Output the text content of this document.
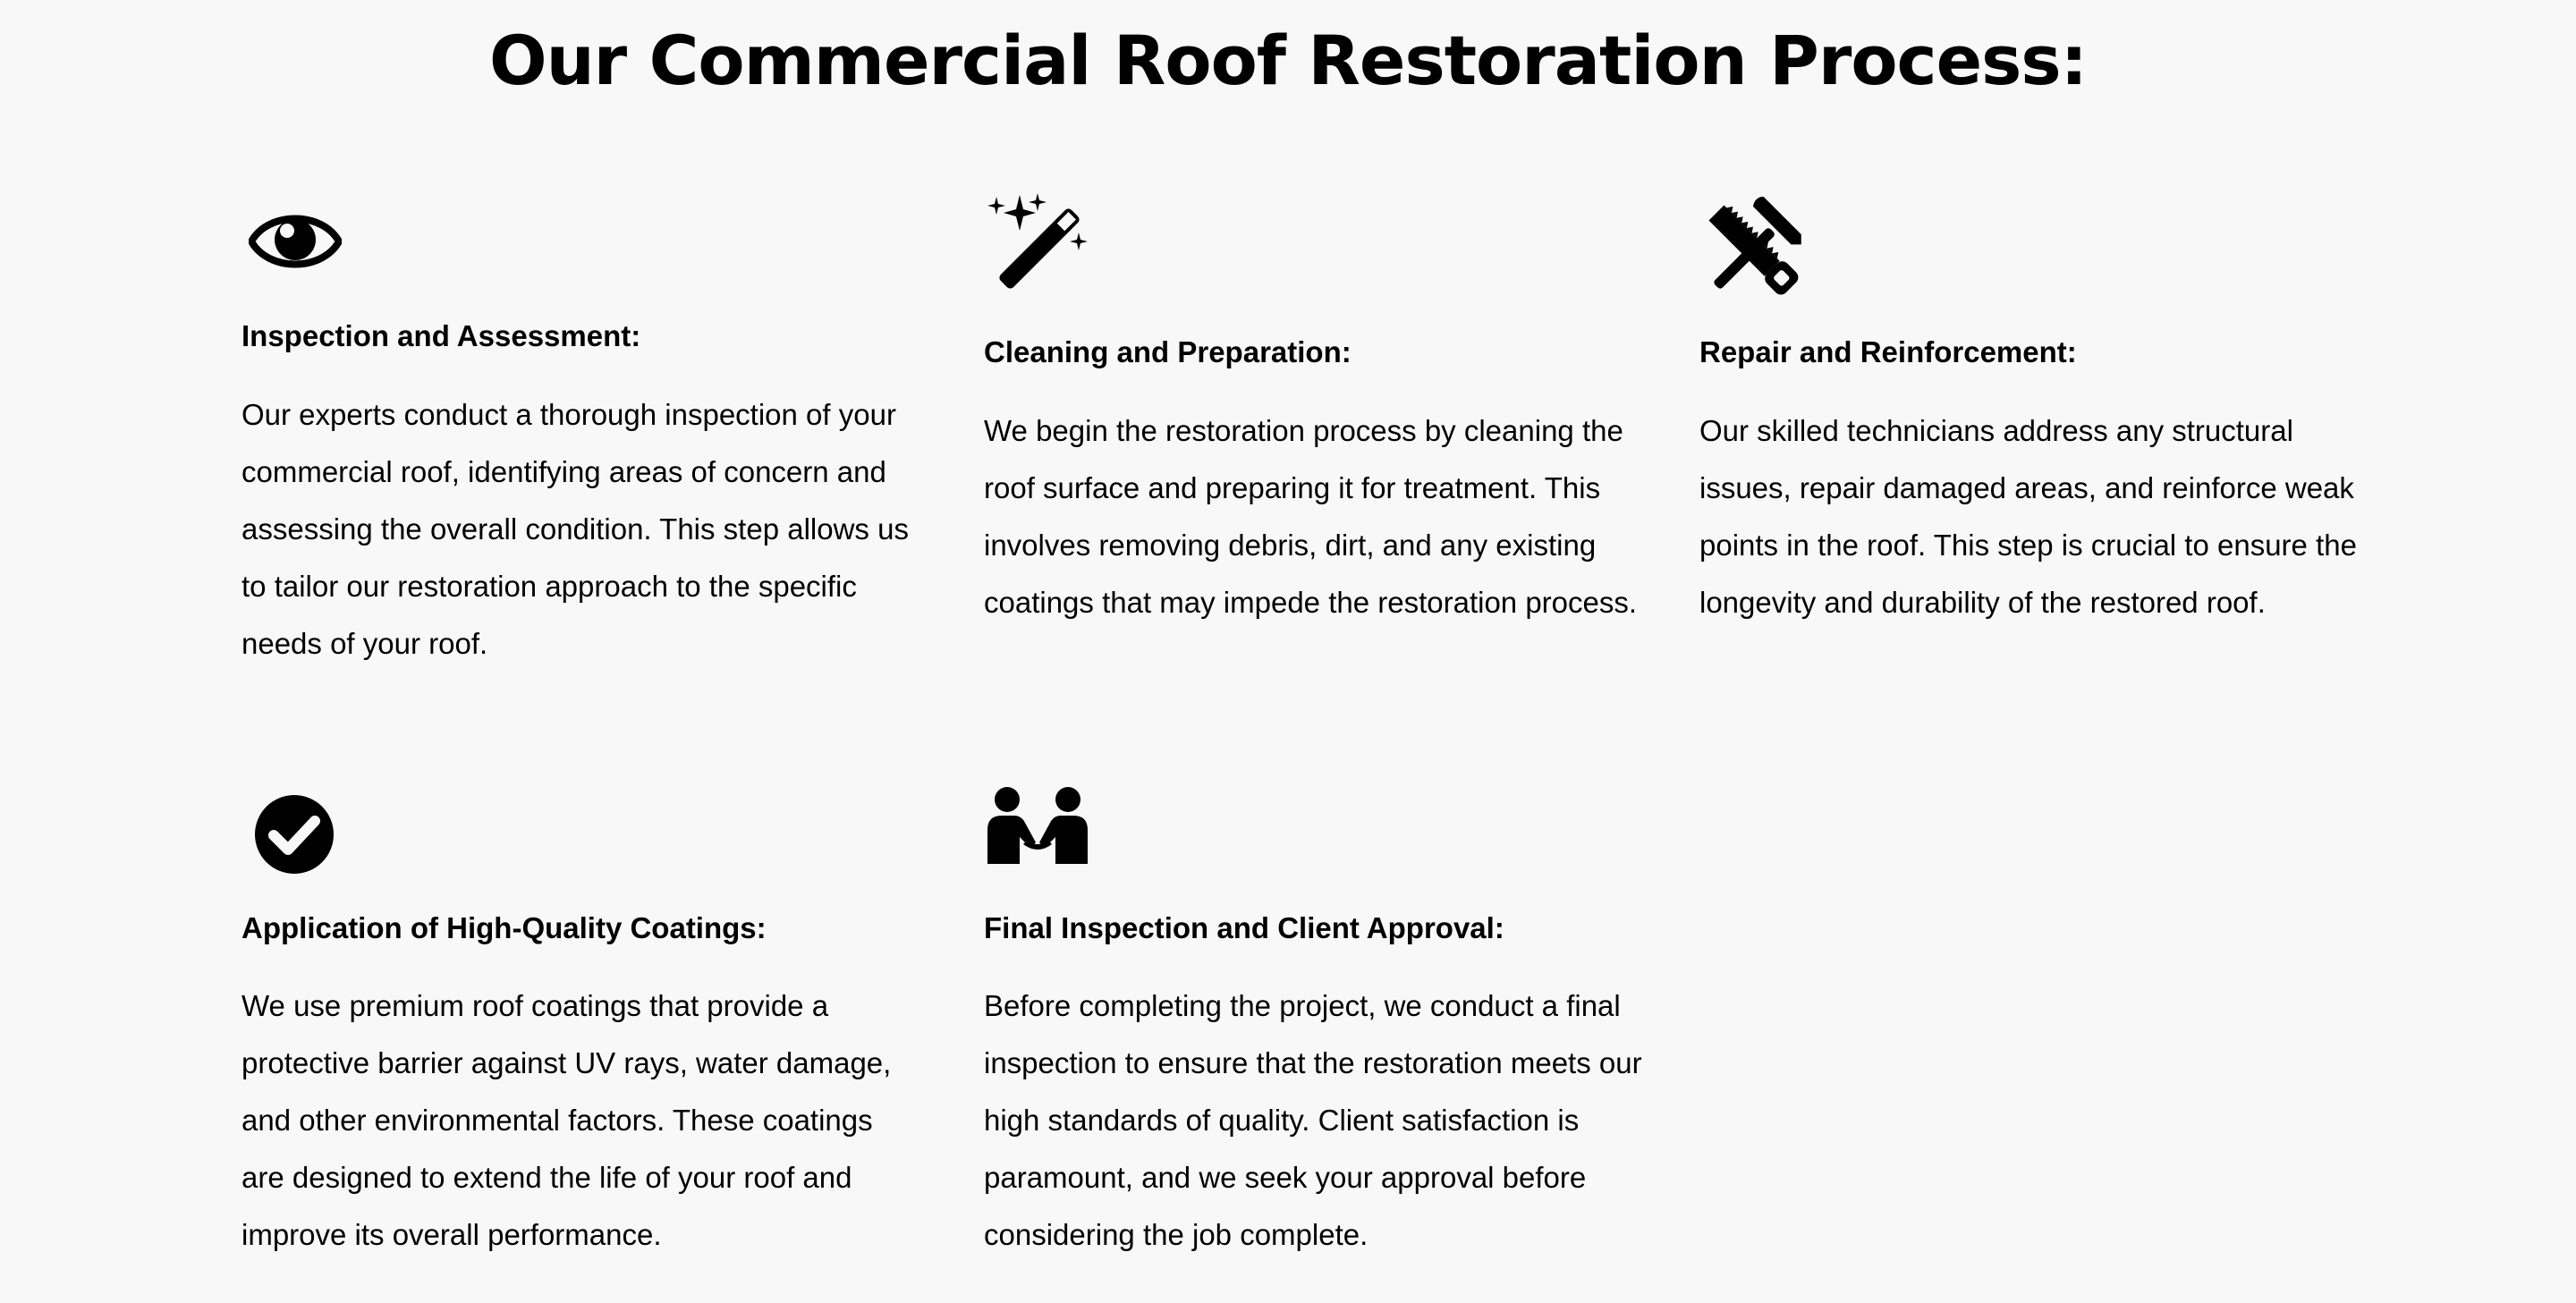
Our Commercial Roof Restoration Process:
Inspection and Assessment:

Our experts conduct a thorough inspection of your commercial roof, identifying areas of concern and assessing the overall condition. This step allows us to tailor our restoration approach to the specific needs of your roof.

Cleaning and Preparation:

We begin the restoration process by cleaning the roof surface and preparing it for treatment. This involves removing debris, dirt, and any existing coatings that may impede the restoration process.

Repair and Reinforcement:

Our skilled technicians address any structural issues, repair damaged areas, and reinforce weak points in the roof. This step is crucial to ensure the longevity and durability of the restored roof.

Application of High-Quality Coatings:

We use premium roof coatings that provide a protective barrier against UV rays, water damage, and other environmental factors. These coatings are designed to extend the life of your roof and improve its overall performance.

Final Inspection and Client Approval:

Before completing the project, we conduct a final inspection to ensure that the restoration meets our high standards of quality. Client satisfaction is paramount, and we seek your approval before considering the job complete.
